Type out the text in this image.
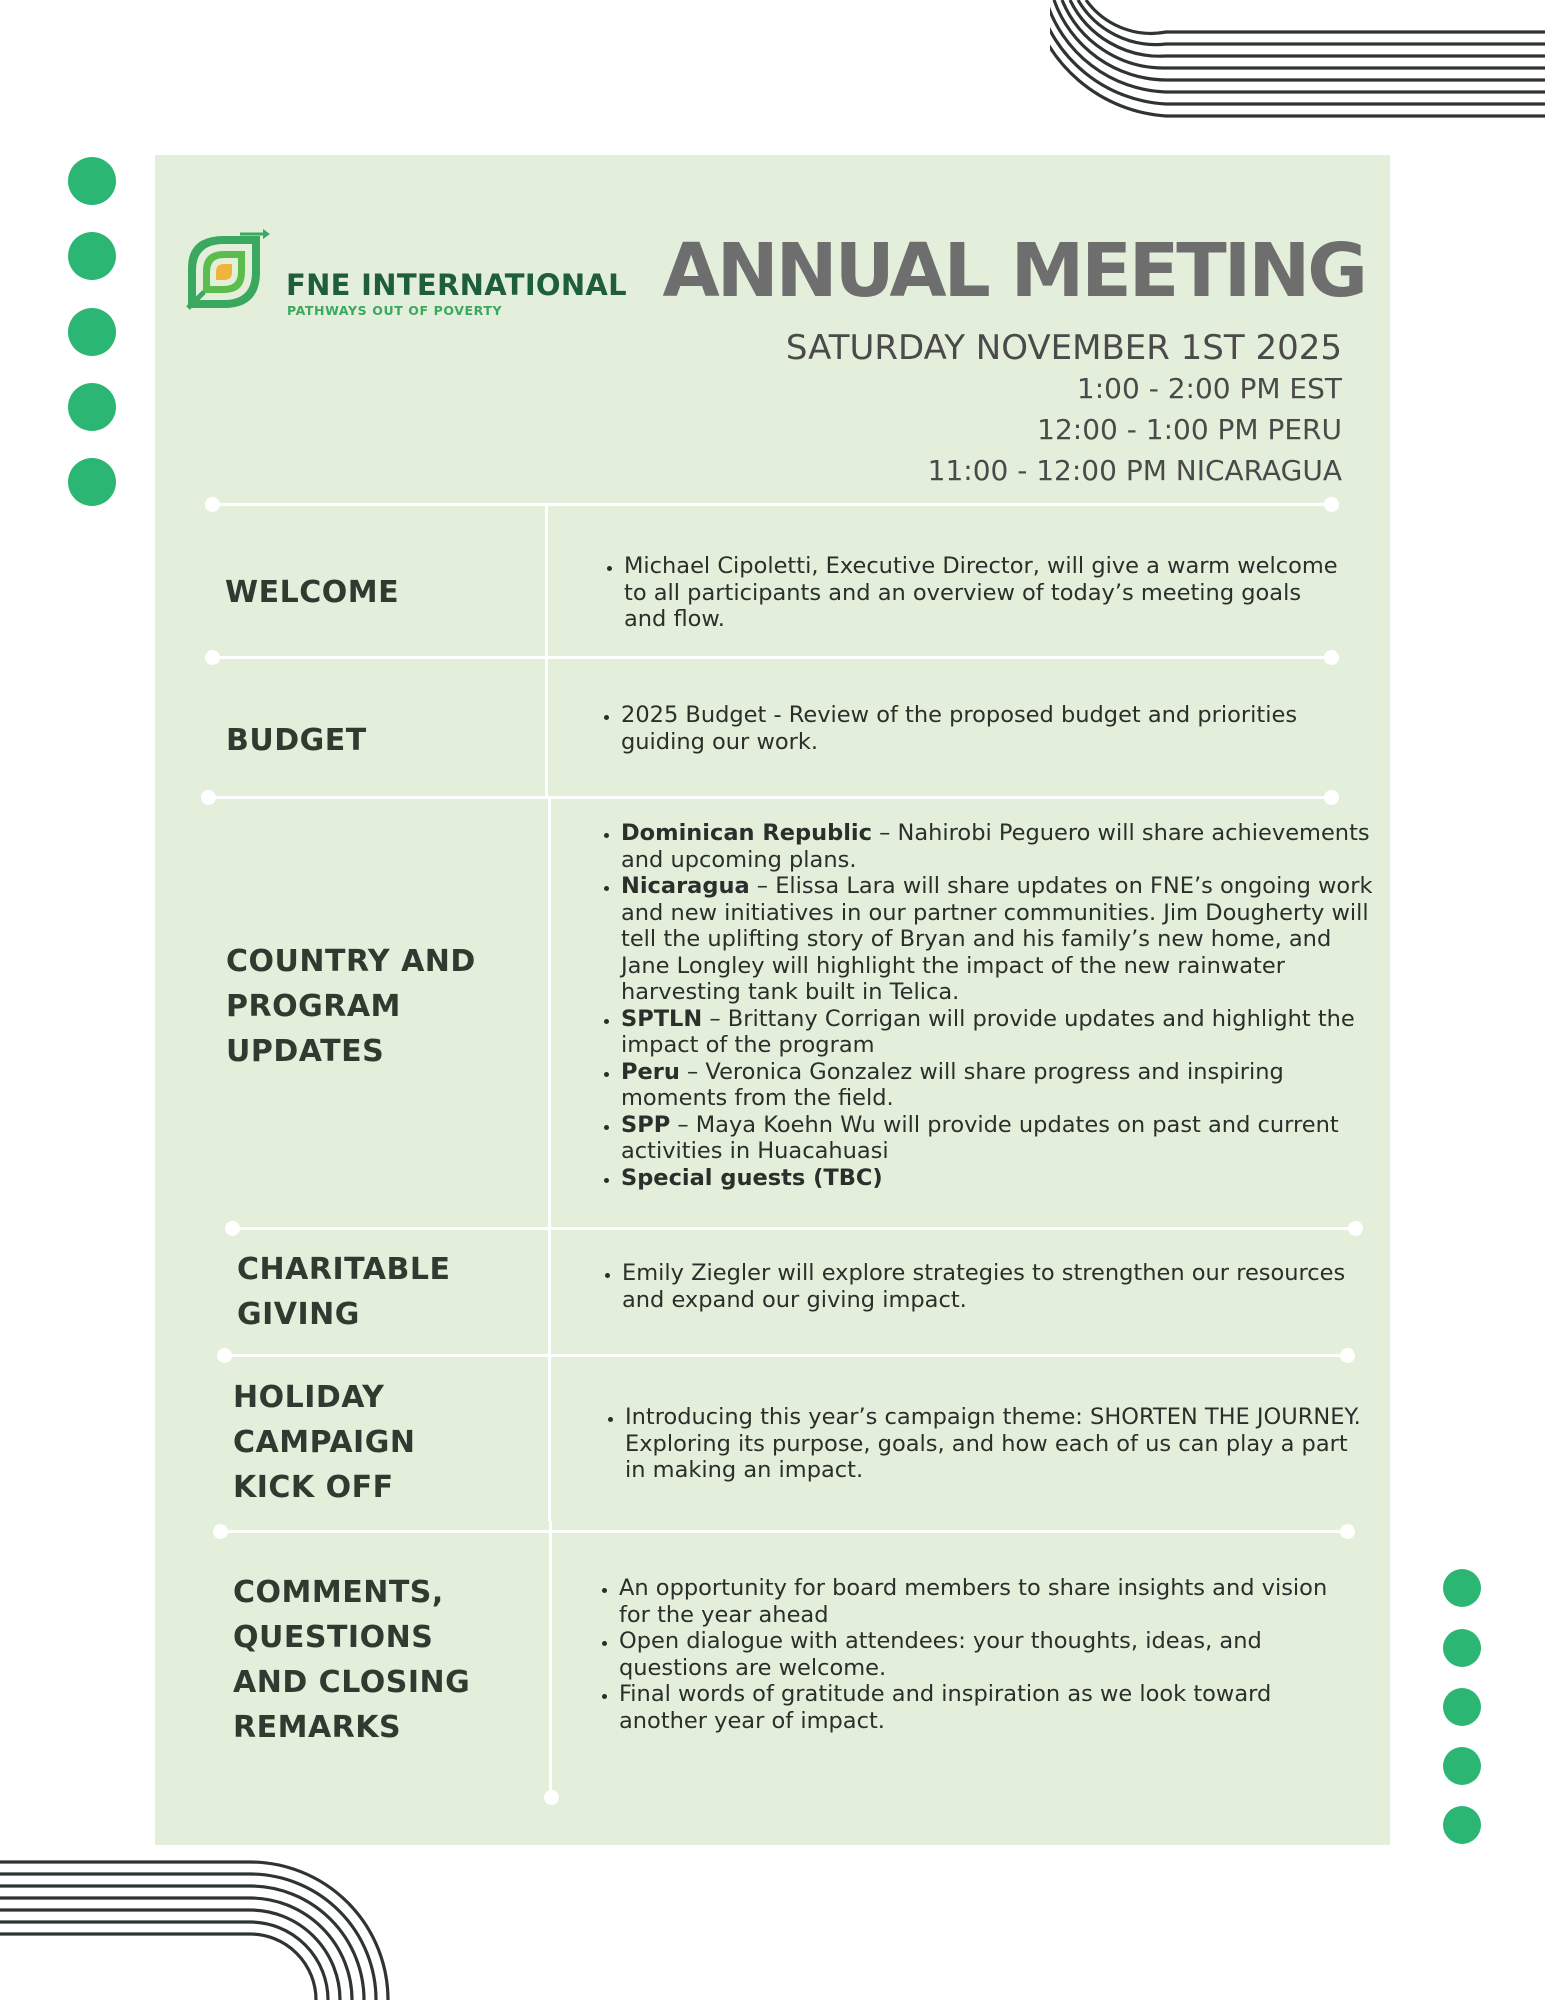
FNE INTERNATIONAL
PATHWAYS OUT OF POVERTY ANNUAL MEETING
SATURDAY NOVEMBER 1ST 2025
1:00 - 2:00 PM EST
12:00 - 1:00 PM PERU
11:00 - 12:00 PM NICARAGUA
WELCOME
BUDGET
COUNTRY AND
PROGRAM
UPDATES
CHARITABLE
GIVING
HOLIDAY
CAMPAIGN
KICK OFF
COMMENTS,
QUESTIONS
AND CLOSING
REMARKS
• Michael Cipoletti, Executive Director, will give a warm welcome to all participants and an overview of today’s meeting goals and flow.
• 2025 Budget - Review of the proposed budget and priorities guiding our work.
• Dominican Republic – Nahirobi Peguero will share achievements and upcoming plans.
• Nicaragua – Elissa Lara will share updates on FNE’s ongoing work and new initiatives in our partner communities. Jim Dougherty will tell the uplifting story of Bryan and his family’s new home, and Jane Longley will highlight the impact of the new rainwater harvesting tank built in Telica.
• SPTLN – Brittany Corrigan will provide updates and highlight the impact of the program
• Peru – Veronica Gonzalez will share progress and inspiring moments from the field.
• SPP – Maya Koehn Wu will provide updates on past and current activities in Huacahuasi
• Special guests (TBC)
• Emily Ziegler will explore strategies to strengthen our resources and expand our giving impact.
• Introducing this year’s campaign theme: SHORTEN THE JOURNEY. Exploring its purpose, goals, and how each of us can play a part in making an impact.
• An opportunity for board members to share insights and vision for the year ahead
• Open dialogue with attendees: your thoughts, ideas, and questions are welcome.
• Final words of gratitude and inspiration as we look toward another year of impact.
